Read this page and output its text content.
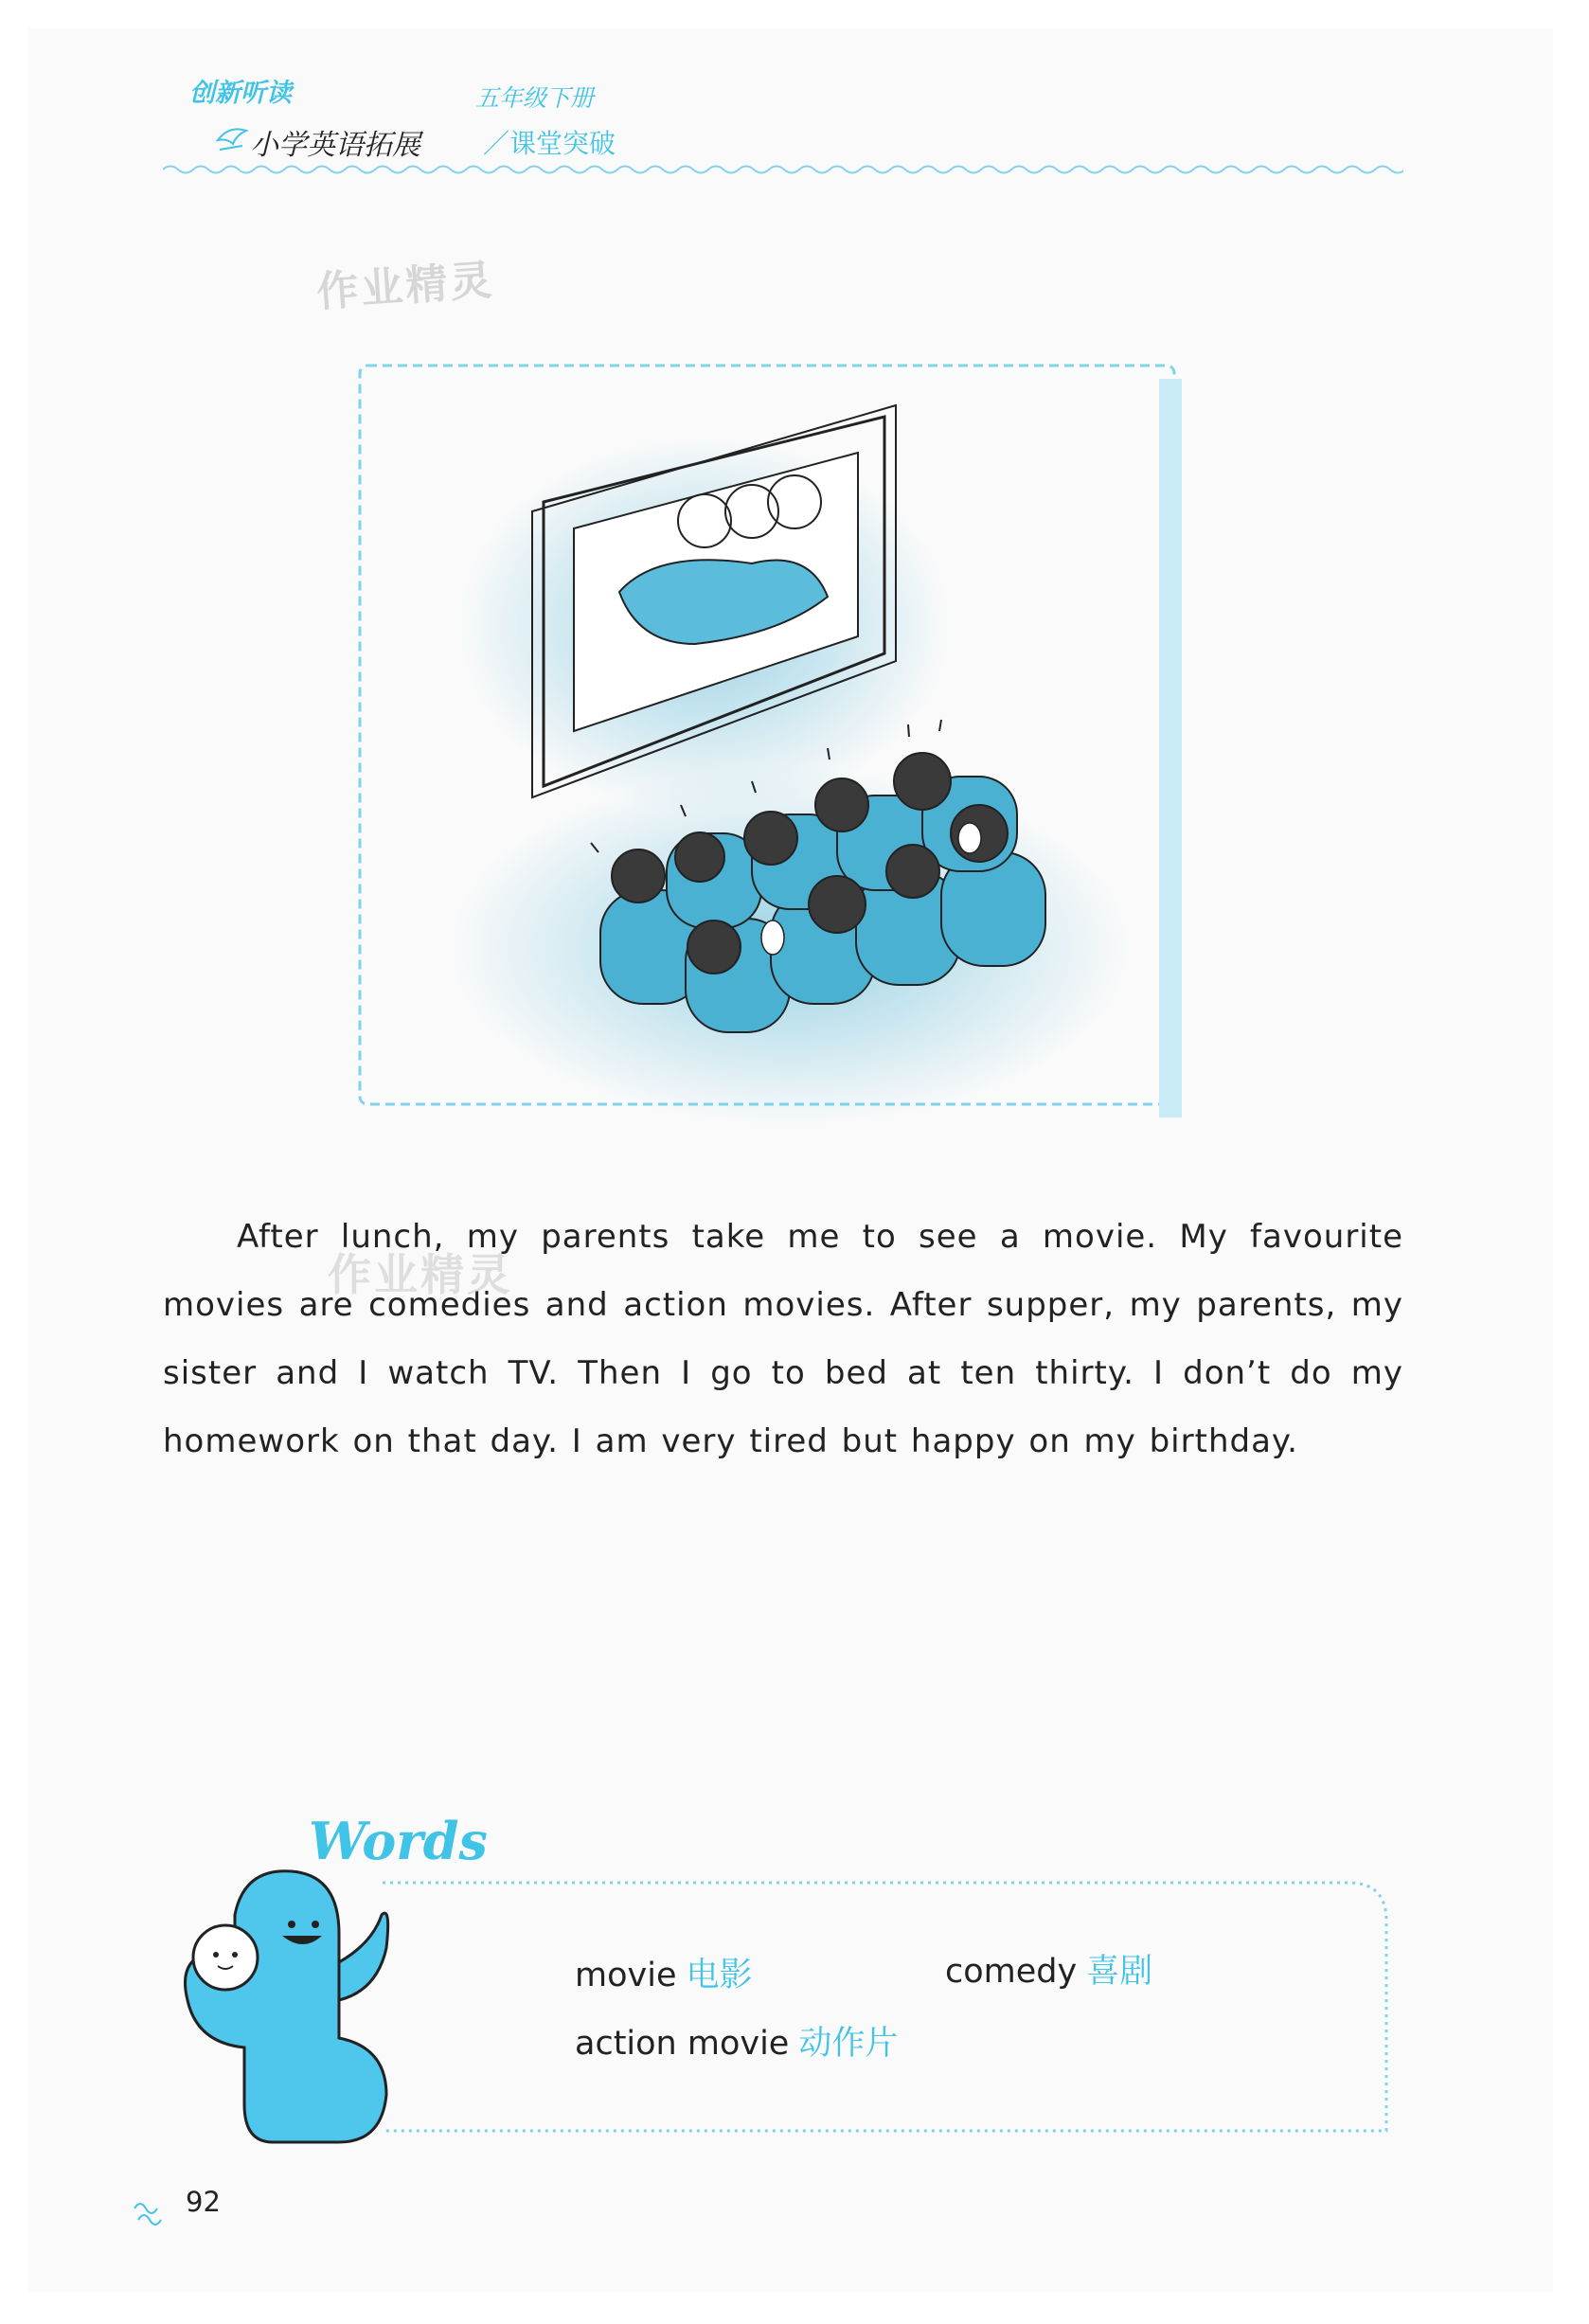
创新听读	五年级下册
小学英语拓展 ／课堂突破
作业精灵
After lunch, my parents take me to see a movie. My favourite movies are comedies and action movies. After supper, my parents, my sister and I watch TV. Then I go to bed at ten thirty. I don’t do my homework on that day. I am very tired but happy on my birthday.
作业精灵
Words
movie 电影	comedy 喜剧
action movie 动作片
92
